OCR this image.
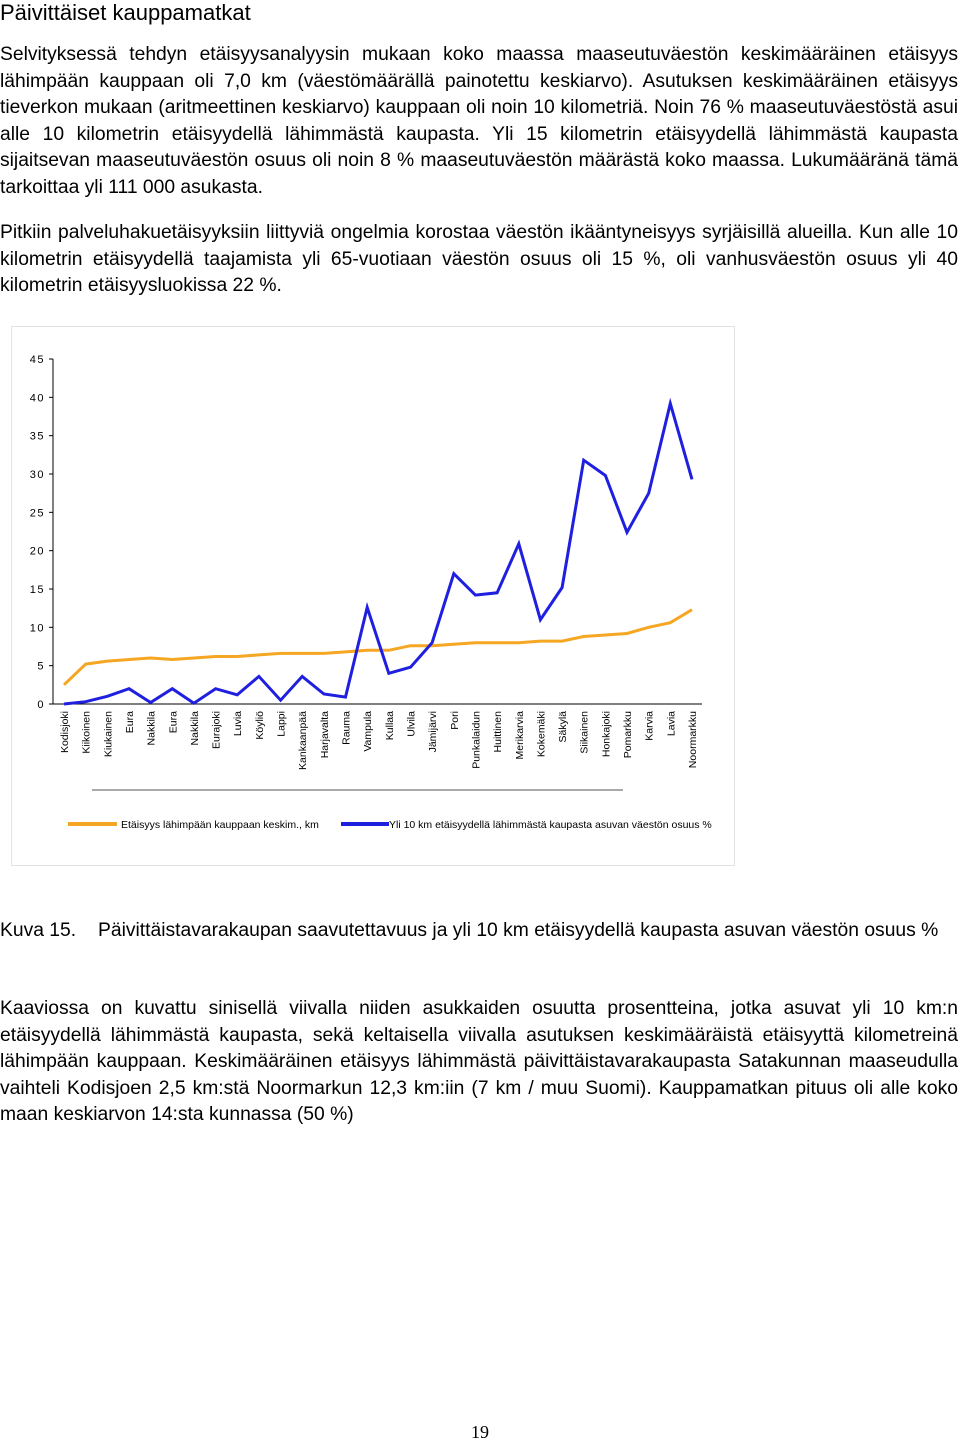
Päivittäiset kauppamatkat

Selvityksessä tehdyn etäisyysanalyysin mukaan koko maassa maaseutuväestön keskimääräinen etäisyys lähimpään kauppaan oli 7,0 km (väestömäärällä painotettu keskiarvo). Asutuksen keskimääräinen etäisyys tieverkon mukaan (aritmeettinen keskiarvo) kauppaan oli noin 10 kilometriä. Noin 76 % maaseutuväestöstä asui alle 10 kilometrin etäisyydellä lähimmästä kaupasta. Yli 15 kilometrin etäisyydellä lähimmästä kaupasta sijaitsevan maaseutuväestön osuus oli noin 8 % maaseutuväestön määrästä koko maassa. Lukumääränä tämä tarkoittaa yli 111 000 asukasta.

Pitkiin palveluhakuetäisyyksiin liittyviä ongelmia korostaa väestön ikääntyneisyys syrjäisillä alueilla. Kun alle 10 kilometrin etäisyydellä taajamista yli 65-vuotiaan väestön osuus oli 15 %, oli vanhusväestön osuus yli 40 kilometrin etäisyysluokissa 22 %.

0
5
10
15
20
25
30
35
40
45
Kodisjoki Kiikoinen Kiukainen Eura Nakkila Eura Nakkila Eurajoki Luvia Köyliö Lappi Kankaanpää Harjavalta Rauma Vampula Kullaa Ulvila Jämijärvi Pori Punkalaidun Huittinen Merikarvia Kokemäki Säkylä Siikainen Honkajoki Pomarkku Karvia Lavia Noormarkku
Etäisyys lähimpään kauppaan keskim., km	Yli 10 km etäisyydellä lähimmästä kaupasta asuvan väestön osuus %

Kuva 15. Päivittäistavarakaupan saavutettavuus ja yli 10 km etäisyydellä kaupasta asuvan väestön osuus %

Kaaviossa on kuvattu sinisellä viivalla niiden asukkaiden osuutta prosentteina, jotka asuvat yli 10 km:n etäisyydellä lähimmästä kaupasta, sekä keltaisella viivalla asutuksen keskimääräistä etäisyyttä kilometreinä lähimpään kauppaan. Keskimääräinen etäisyys lähimmästä päivittäistavarakaupasta Satakunnan maaseudulla vaihteli Kodisjoen 2,5 km:stä Noormarkun 12,3 km:iin (7 km / muu Suomi). Kauppamatkan pituus oli alle koko maan keskiarvon 14:sta kunnassa (50 %)

19
